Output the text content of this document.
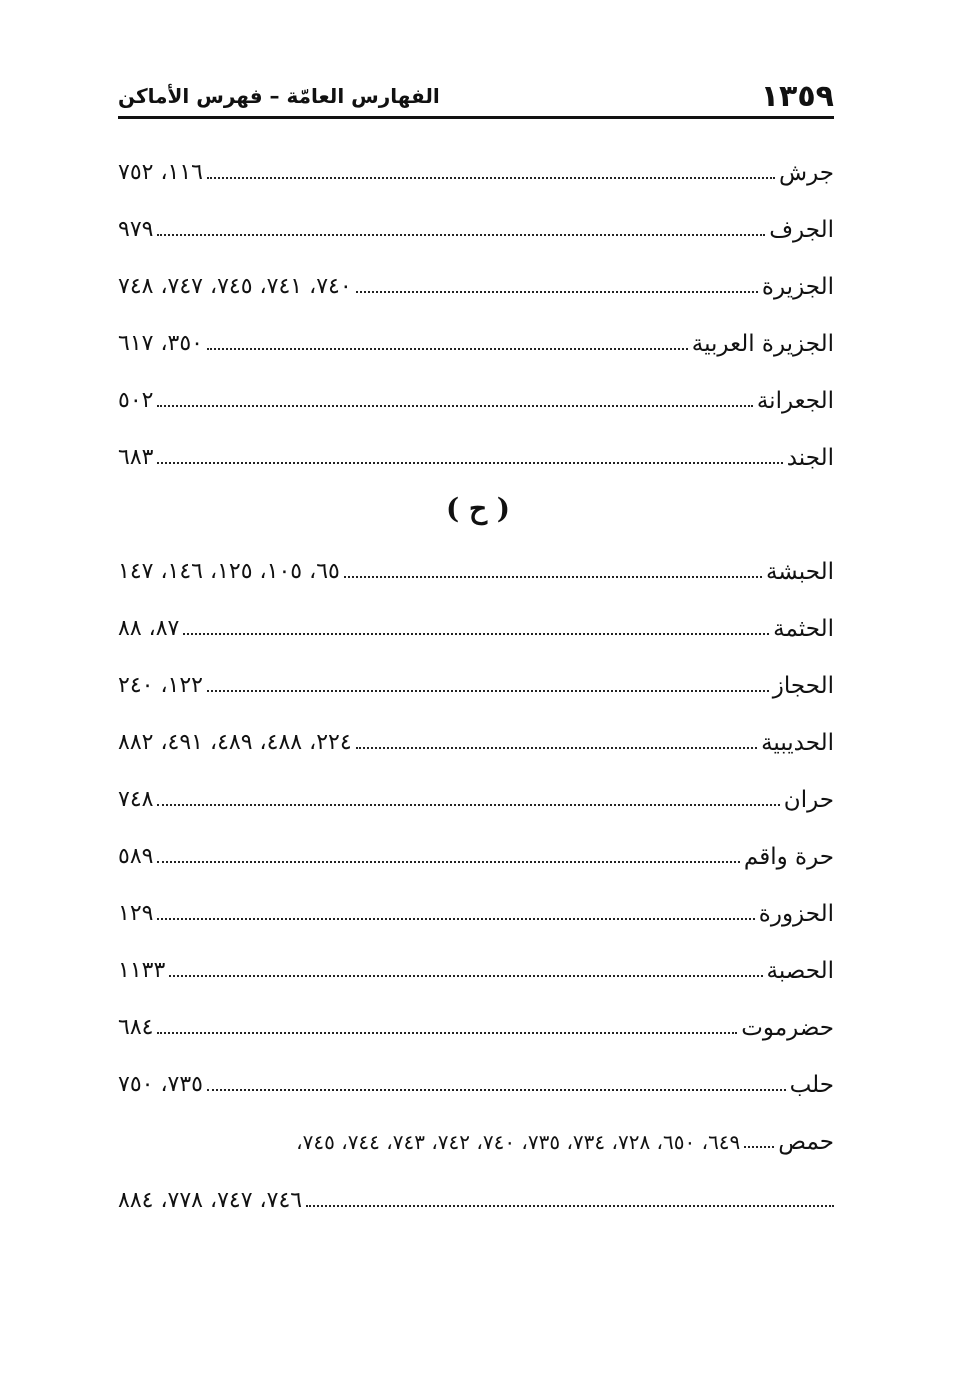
١٣٥٩
الفهارس العامّة – فهرس الأماكن
جرش
١١٦، ٧٥٢
الجرف
٩٧٩
الجزيرة
٧٤٠، ٧٤١، ٧٤٥، ٧٤٧، ٧٤٨
الجزيرة العربية
٣٥٠، ٦١٧
الجعرانة
٥٠٢
الجند
٦٨٣
( ح )
الحبشة
٦٥، ١٠٥، ١٢٥، ١٤٦، ١٤٧
الحثمة
٨٧، ٨٨
الحجاز
١٢٢، ٢٤٠
الحديبية
٢٢٤، ٤٨٨، ٤٨٩، ٤٩١، ٨٨٢
حران
٧٤٨
حرة واقم
٥٨٩
الحزورة
١٢٩
الحصبة
١١٣٣
حضرموت
٦٨٤
حلب
٧٣٥، ٧٥٠
حمص
٦٤٩، ٦٥٠، ٧٢٨، ٧٣٤، ٧٣٥، ٧٤٠، ٧٤٢، ٧٤٣، ٧٤٤، ٧٤٥،
٧٤٦، ٧٤٧، ٧٧٨، ٨٨٤
